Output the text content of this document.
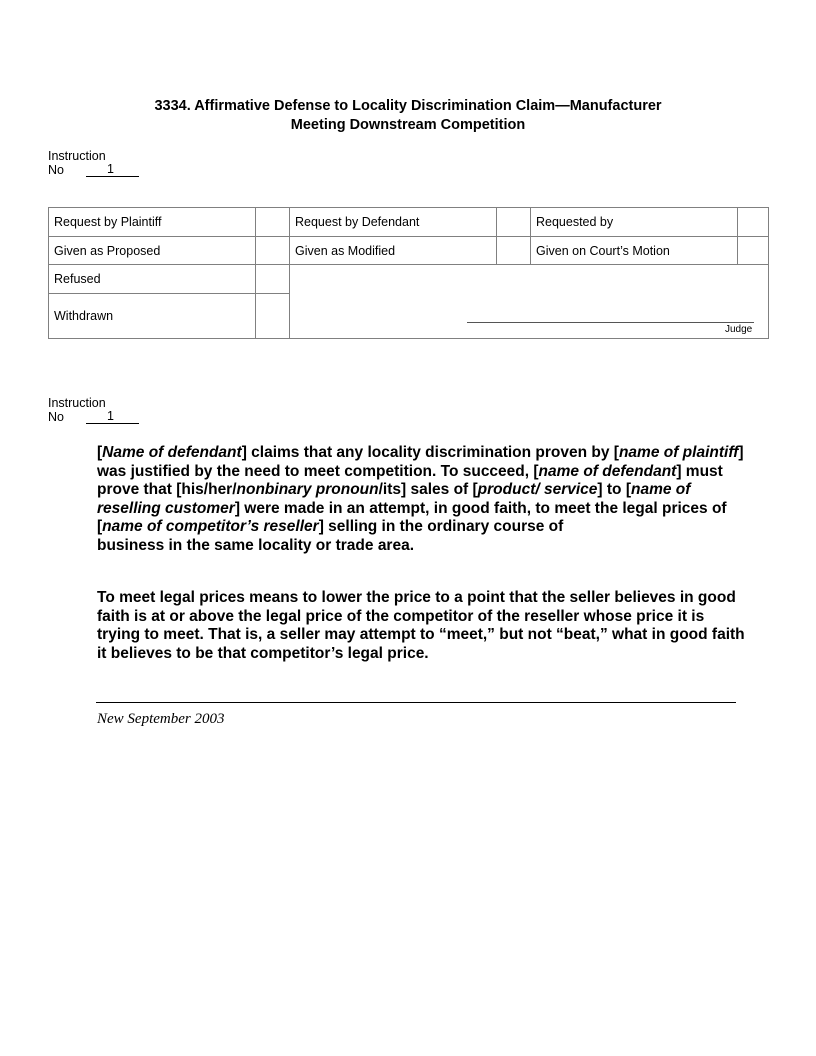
3334. Affirmative Defense to Locality Discrimination Claim—Manufacturer
Meeting Downstream Competition
Instruction
No	1
Request by Plaintiff	Request by Defendant	Requested by
Given as Proposed	Given as Modified	Given on Court’s Motion
Refused
Withdrawn
Judge
Instruction
No	1

[Name of defendant] claims that any locality discrimination proven by [name of plaintiff] was justified by the need to meet competition. To succeed, [name of defendant] must prove that [his/her/nonbinary pronoun/its] sales of [product/ service] to [name of reselling customer] were made in an attempt, in good faith, to meet the legal prices of [name of competitor’s reseller] selling in the ordinary course of
business in the same locality or trade area.

To meet legal prices means to lower the price to a point that the seller believes in good faith is at or above the legal price of the competitor of the reseller whose price it is trying to meet. That is, a seller may attempt to “meet,” but not “beat,” what in good faith it believes to be that competitor’s legal price.

New September 2003
